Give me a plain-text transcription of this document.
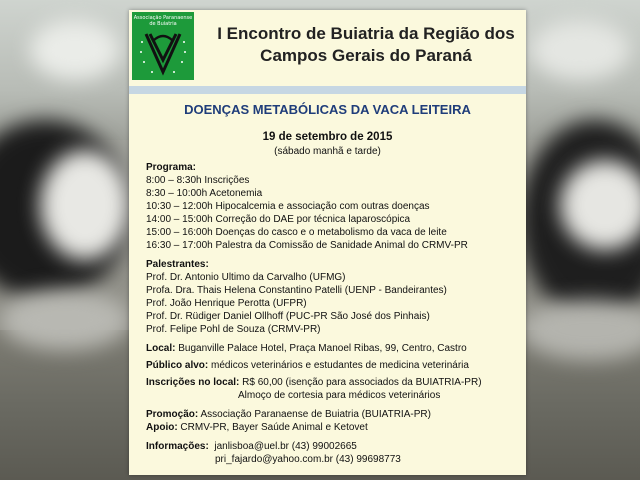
Associação Paranaense de Buiatria	I Encontro de Buiatria da Região dos
Campos Gerais do Paraná
DOENÇAS METABÓLICAS DA VACA LEITEIRA
19 de setembro de 2015
(sábado manhã e tarde)
Programa:
8:00 – 8:30h Inscrições
8:30 – 10:00h Acetonemia
10:30 – 12:00h Hipocalcemia e associação com outras doenças
14:00 – 15:00h Correção do DAE por técnica laparoscópica
15:00 – 16:00h Doenças do casco e o metabolismo da vaca de leite
16:30 – 17:00h Palestra da Comissão de Sanidade Animal do CRMV-PR
Palestrantes:
Prof. Dr. Antonio Ultimo da Carvalho (UFMG)
Profa. Dra. Thais Helena Constantino Patelli (UENP - Bandeirantes)
Prof. João Henrique Perotta (UFPR)
Prof. Dr. Rüdiger Daniel Ollhoff (PUC-PR São José dos Pinhais)
Prof. Felipe Pohl de Souza (CRMV-PR)
Local: Buganville Palace Hotel, Praça Manoel Ribas, 99, Centro, Castro
Público alvo: médicos veterinários e estudantes de medicina veterinária
Inscrições no local: R$ 60,00 (isenção para associados da BUIATRIA-PR)
Almoço de cortesia para médicos veterinários
Promoção: Associação Paranaense de Buiatria (BUIATRIA-PR)
Apoio: CRMV-PR, Bayer Saúde Animal e Ketovet
Informações:  janlisboa@uel.br (43) 99002665
pri_fajardo@yahoo.com.br (43) 99698773
